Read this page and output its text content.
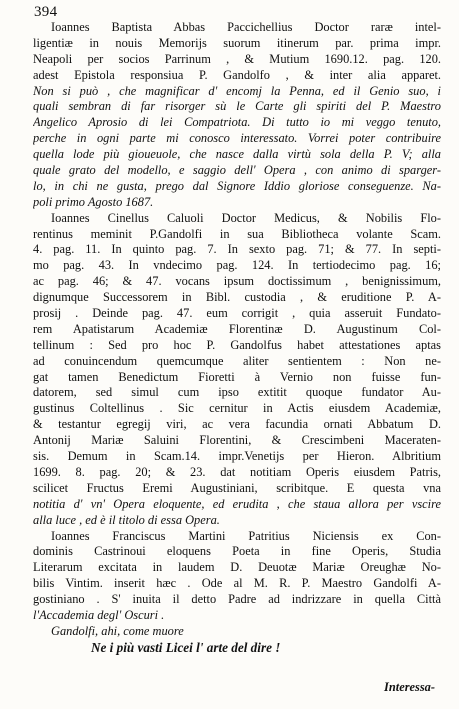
394
Ioannes Baptista Abbas Paccichellius Doctor raræ intel-
ligentiæ in nouis Memorijs suorum itinerum par. prima impr.
Neapoli per socios Parrinum , & Mutium 1690.12. pag. 120.
adest Epistola responsiua P. Gandolfo , & inter alia apparet.
Non si può , che magnificar d' encomj la Penna, ed il Genio suo, i
quali sembran di far risorger sù le Carte gli spiriti del P. Maestro
Angelico Aprosio di lei Compatriota. Di tutto io mi veggo tenuto,
perche in ogni parte mi conosco interessato. Vorrei poter contribuire
quella lode più gioueuole, che nasce dalla virtù sola della P. V; alla
quale grato del modello, e saggio dell' Opera , con animo di sparger-
lo, in chi ne gusta, prego dal Signore Iddio gloriose conseguenze. Na-
poli primo Agosto 1687.
Ioannes Cinellus Caluoli Doctor Medicus, & Nobilis Flo-
rentinus meminit P.Gandolfi in sua Bibliotheca volante Scam.
4. pag. 11. In quinto pag. 7. In sexto pag. 71; & 77. In septi-
mo pag. 43. In vndecimo pag. 124. In tertiodecimo pag. 16;
ac pag. 46; & 47. vocans ipsum doctissimum , benignissimum,
dignumque Successorem in Bibl. custodia , & eruditione P. A-
prosij . Deinde pag. 47. eum corrigit , quia asseruit Fundato-
rem Apatistarum Academiæ Florentinæ D. Augustinum Col-
tellinum : Sed pro hoc P. Gandolfus habet attestationes aptas
ad conuincendum quemcumque aliter sentientem : Non ne-
gat tamen Benedictum Fioretti à Vernio non fuisse fun-
datorem, sed simul cum ipso extitit quoque fundator Au-
gustinus Coltellinus . Sic cernitur in Actis eiusdem Academiæ,
& testantur egregij viri, ac vera facundia ornati Abbatum D.
Antonij Mariæ Saluini Florentini, & Crescimbeni Maceraten-
sis. Demum in Scam.14. impr.Venetijs per Hieron. Albritium
1699. 8. pag. 20; & 23. dat notitiam Operis eiusdem Patris,
scilicet Fructus Eremi Augustiniani, scribitque. E questa vna
notitia d' vn' Opera eloquente, ed erudita , che staua allora per vscire
alla luce , ed è il titolo di essa Opera.
Ioannes Franciscus Martini Patritius Niciensis ex Con-
dominis Castrinoui eloquens Poeta in fine Operis, Studia
Literarum excitata in laudem D. Deuotæ Mariæ Oreughæ No-
bilis Vintim. inserit hæc . Ode al M. R. P. Maestro Gandolfi A-
gostiniano . S' inuita il detto Padre ad indrizzare in quella Città
l'Accademia degl' Oscuri .
Gandolfi, ahi, come muore
Ne i più vasti Licei l' arte del dire !
Interessa-
